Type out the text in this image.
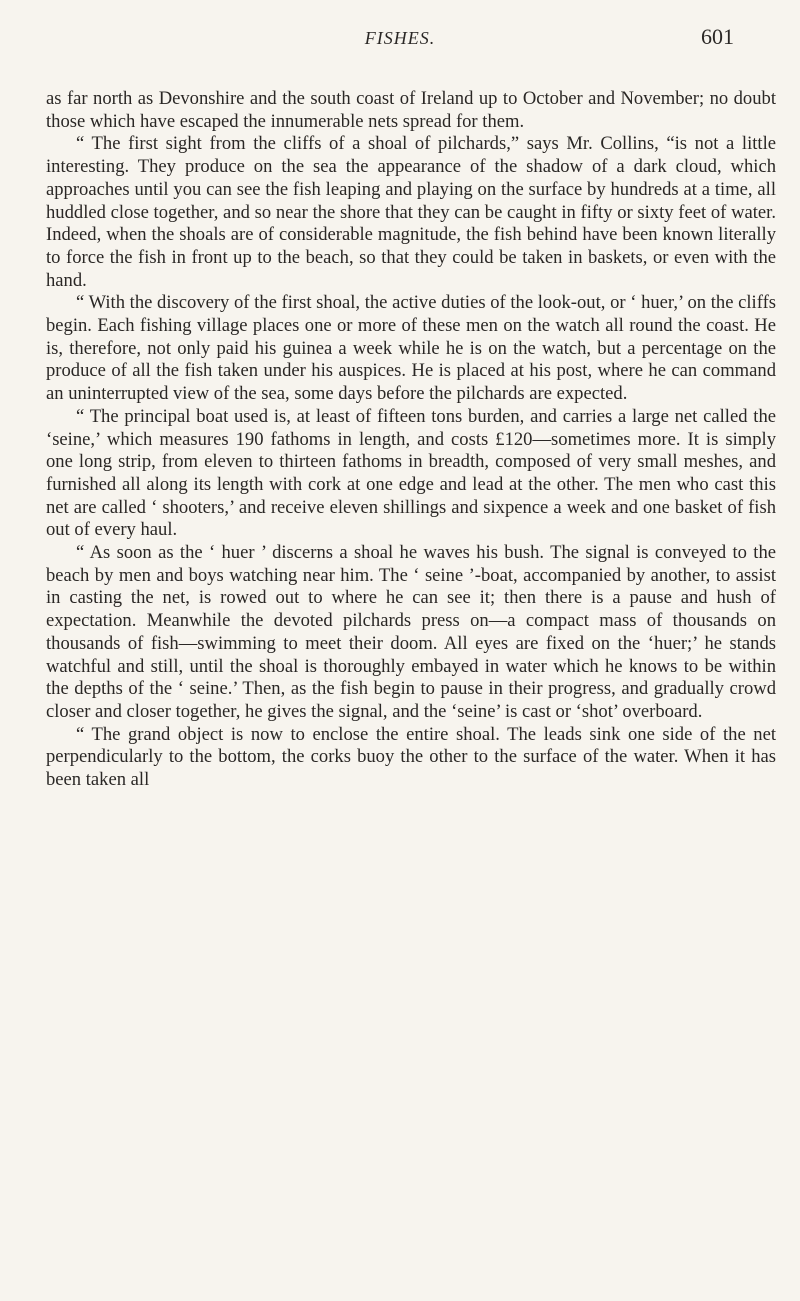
FISHES.	601

as far north as Devonshire and the south coast of Ireland up to October and November; no doubt those which have escaped the innumerable nets spread for them.

“ The first sight from the cliffs of a shoal of pilchards,” says Mr. Collins, “is not a little interesting. They produce on the sea the appearance of the shadow of a dark cloud, which approaches until you can see the fish leaping and playing on the surface by hundreds at a time, all huddled close together, and so near the shore that they can be caught in fifty or sixty feet of water. Indeed, when the shoals are of considerable magnitude, the fish behind have been known literally to force the fish in front up to the beach, so that they could be taken in baskets, or even with the hand.

“ With the discovery of the first shoal, the active duties of the look-out, or ‘ huer,’ on the cliffs begin. Each fishing village places one or more of these men on the watch all round the coast. He is, therefore, not only paid his guinea a week while he is on the watch, but a percentage on the produce of all the fish taken under his auspices. He is placed at his post, where he can command an uninterrupted view of the sea, some days before the pilchards are expected.

“ The principal boat used is, at least of fifteen tons burden, and carries a large net called the ‘seine,’ which measures 190 fathoms in length, and costs £120—sometimes more. It is simply one long strip, from eleven to thirteen fathoms in breadth, composed of very small meshes, and furnished all along its length with cork at one edge and lead at the other. The men who cast this net are called ‘ shooters,’ and receive eleven shillings and sixpence a week and one basket of fish out of every haul.

“ As soon as the ‘ huer ’ discerns a shoal he waves his bush. The signal is conveyed to the beach by men and boys watching near him. The ‘ seine ’-boat, accompanied by another, to assist in casting the net, is rowed out to where he can see it; then there is a pause and hush of expectation. Meanwhile the devoted pilchards press on—a compact mass of thousands on thousands of fish—swimming to meet their doom. All eyes are fixed on the ‘huer;’ he stands watchful and still, until the shoal is thoroughly embayed in water which he knows to be within the depths of the ‘ seine.’ Then, as the fish begin to pause in their progress, and gradually crowd closer and closer together, he gives the signal, and the ‘seine’ is cast or ‘shot’ overboard.

“ The grand object is now to enclose the entire shoal. The leads sink one side of the net perpendicularly to the bottom, the corks buoy the other to the surface of the water. When it has been taken all
